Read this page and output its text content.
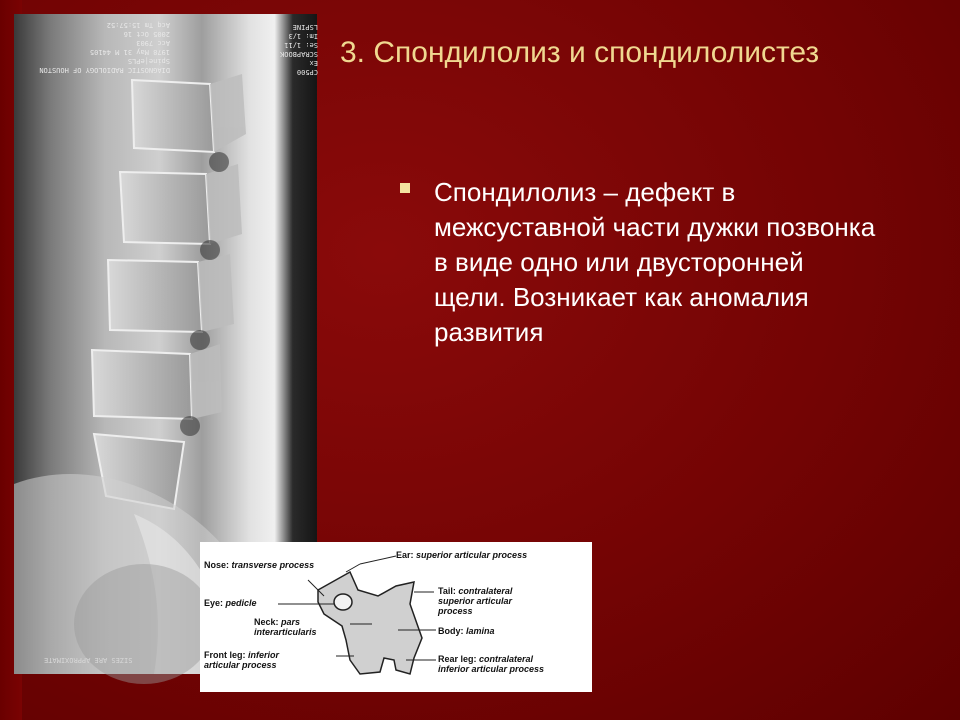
DIAGNOSTIC RADIOLOGY OF HOUSTON
Spine|ePLS
1978 May 31 M 44105
Acc 7903
2005 Oct 16
Acq Tm 15:57:52
CP500
Ex
SCRAPBOOK
Se: 1/11
Im: 1/3
LSPINE
SIZES ARE APPROXIMATE
3. Спондилолиз и спондилолистез
Спондилолиз – дефект в межсуставной части дужки позвонка в виде одно или двусторонней щели. Возникает как аномалия развития
Nose: transverse process
Eye: pedicle
Neck: pars
interarticularis
Front leg: inferior
articular process
Ear: superior articular process
Tail: contralateral
superior articular
process
Body: lamina
Rear leg: contralateral
inferior articular process
